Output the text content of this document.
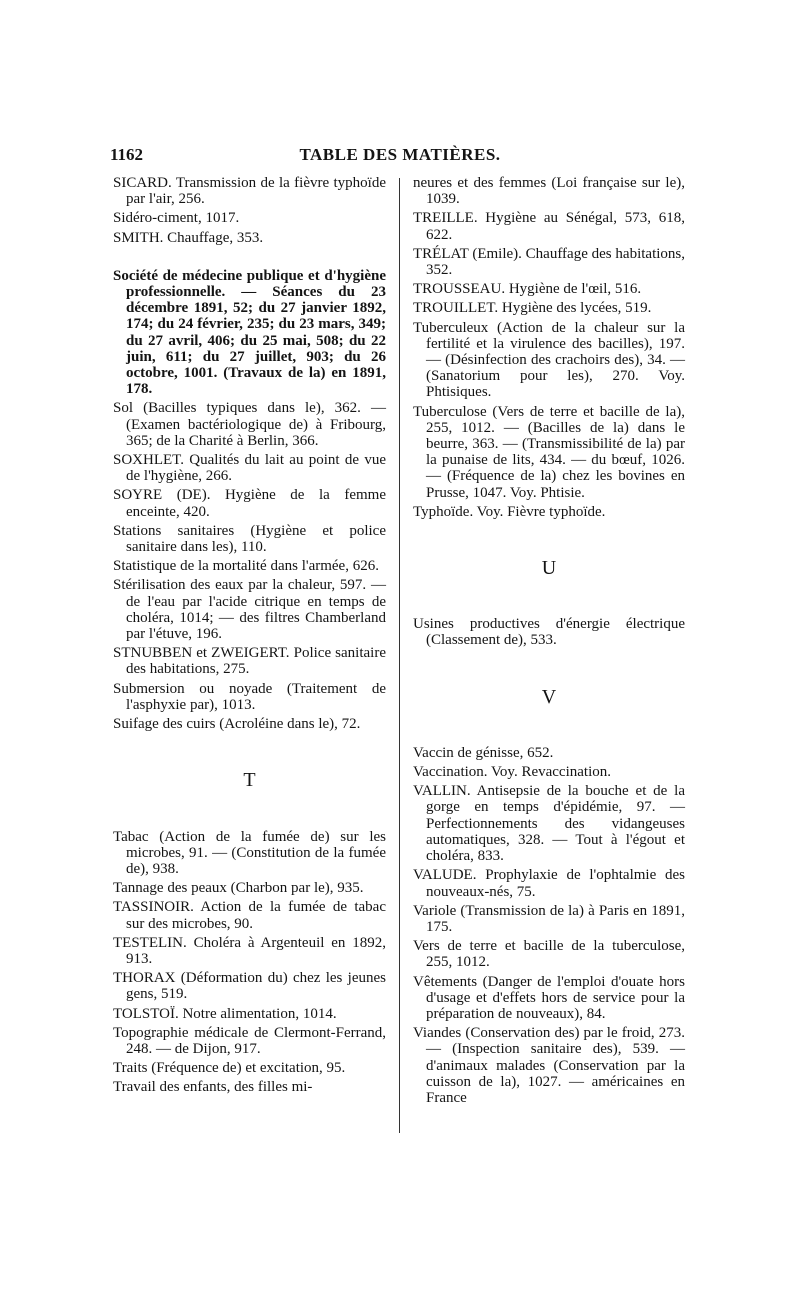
1162	TABLE DES MATIÈRES.

SICARD. Transmission de la fièvre typhoïde par l'air, 256.

Sidéro-ciment, 1017.

SMITH. Chauffage, 353.

Société de médecine publique et d'hygiène professionnelle. — Séances du 23 décembre 1891, 52; du 27 janvier 1892, 174; du 24 février, 235; du 23 mars, 349; du 27 avril, 406; du 25 mai, 508; du 22 juin, 611; du 27 juillet, 903; du 26 octobre, 1001. (Travaux de la) en 1891, 178.

Sol (Bacilles typiques dans le), 362. — (Examen bactériologique de) à Fribourg, 365; de la Charité à Berlin, 366.

SOXHLET. Qualités du lait au point de vue de l'hygiène, 266.

SOYRE (DE). Hygiène de la femme enceinte, 420.

Stations sanitaires (Hygiène et police sanitaire dans les), 110.

Statistique de la mortalité dans l'armée, 626.

Stérilisation des eaux par la chaleur, 597. — de l'eau par l'acide citrique en temps de choléra, 1014; — des filtres Chamberland par l'étuve, 196.

STNUBBEN et ZWEIGERT. Police sanitaire des habitations, 275.

Submersion ou noyade (Traitement de l'asphyxie par), 1013.

Suifage des cuirs (Acroléine dans le), 72.

T

Tabac (Action de la fumée de) sur les microbes, 91. — (Constitution de la fumée de), 938.

Tannage des peaux (Charbon par le), 935.

TASSINOIR. Action de la fumée de tabac sur des microbes, 90.

TESTELIN. Choléra à Argenteuil en 1892, 913.

THORAX (Déformation du) chez les jeunes gens, 519.

TOLSTOÏ. Notre alimentation, 1014.

Topographie médicale de Clermont-Ferrand, 248. — de Dijon, 917.

Traits (Fréquence de) et excitation, 95.

Travail des enfants, des filles mi-

neures et des femmes (Loi française sur le), 1039.

TREILLE. Hygiène au Sénégal, 573, 618, 622.

TRÉLAT (Emile). Chauffage des habitations, 352.

TROUSSEAU. Hygiène de l'œil, 516.

TROUILLET. Hygiène des lycées, 519.

Tuberculeux (Action de la chaleur sur la fertilité et la virulence des bacilles), 197. — (Désinfection des crachoirs des), 34. — (Sanatorium pour les), 270. Voy. Phtisiques.

Tuberculose (Vers de terre et bacille de la), 255, 1012. — (Bacilles de la) dans le beurre, 363. — (Transmissibilité de la) par la punaise de lits, 434. — du bœuf, 1026. — (Fréquence de la) chez les bovines en Prusse, 1047. Voy. Phtisie.

Typhoïde. Voy. Fièvre typhoïde.

U

Usines productives d'énergie électrique (Classement de), 533.

V

Vaccin de génisse, 652.

Vaccination. Voy. Revaccination.

VALLIN. Antisepsie de la bouche et de la gorge en temps d'épidémie, 97. — Perfectionnements des vidangeuses automatiques, 328. — Tout à l'égout et choléra, 833.

VALUDE. Prophylaxie de l'ophtalmie des nouveaux-nés, 75.

Variole (Transmission de la) à Paris en 1891, 175.

Vers de terre et bacille de la tuberculose, 255, 1012.

Vêtements (Danger de l'emploi d'ouate hors d'usage et d'effets hors de service pour la préparation de nouveaux), 84.

Viandes (Conservation des) par le froid, 273. — (Inspection sanitaire des), 539. — d'animaux malades (Conservation par la cuisson de la), 1027. — américaines en France
